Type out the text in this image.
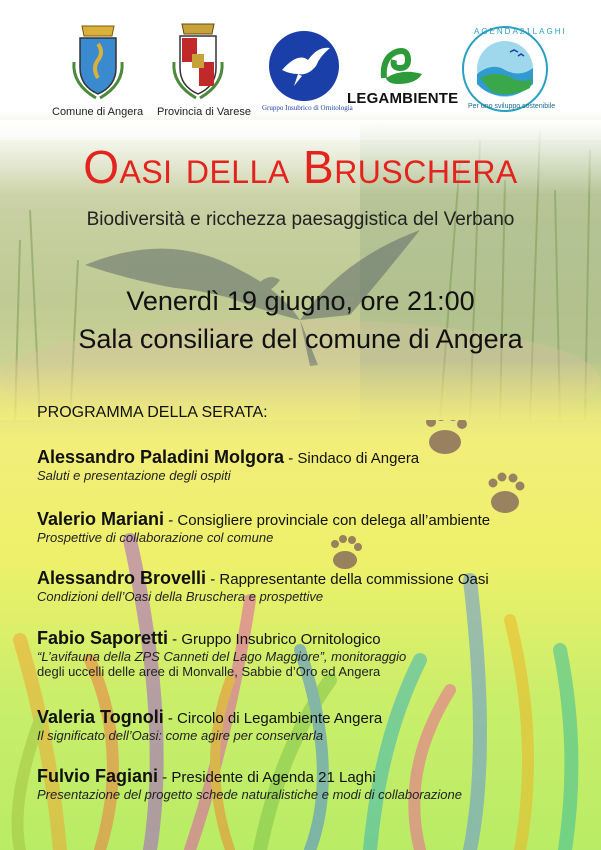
Comune di Angera Provincia di Varese Gruppo Insubrico di Ornitologia
LEGAMBIENTE
AGENDA21LAGHI
Per uno sviluppo sostenibile
Oasi della Bruschera
Biodiversità e ricchezza paesaggistica del Verbano
Venerdì 19 giugno, ore 21:00
Sala consiliare del comune di Angera
PROGRAMMA DELLA SERATA:
Alessandro Paladini Molgora - Sindaco di Angera
Saluti e presentazione degli ospiti
Valerio Mariani - Consigliere provinciale con delega all’ambiente
Prospettive di collaborazione col comune
Alessandro Brovelli - Rappresentante della commissione Oasi
Condizioni dell’Oasi della Bruschera e prospettive
Fabio Saporetti - Gruppo Insubrico Ornitologico
“L’avifauna della ZPS Canneti del Lago Maggiore”, monitoraggio
degli uccelli delle aree di Monvalle, Sabbie d’Oro ed Angera
Valeria Tognoli - Circolo di Legambiente Angera
Il significato dell’Oasi: come agire per conservarla
Fulvio Fagiani - Presidente di Agenda 21 Laghi
Presentazione del progetto schede naturalistiche e modi di collaborazione
